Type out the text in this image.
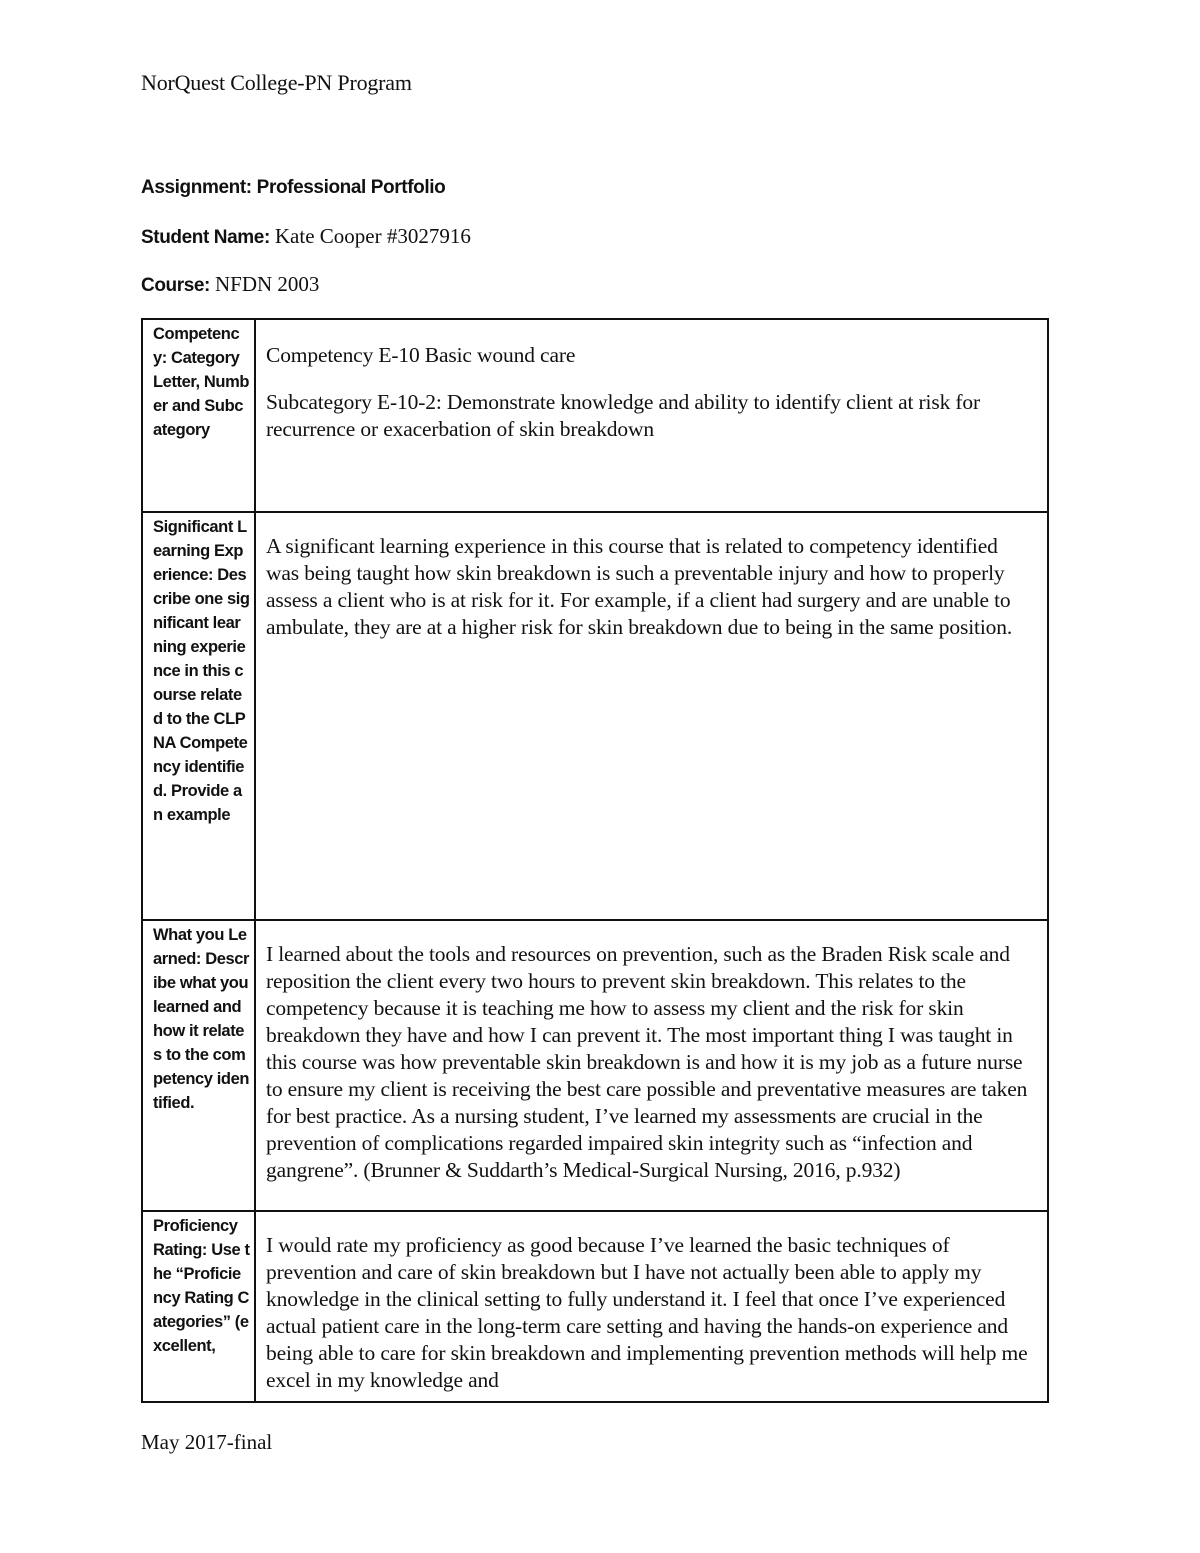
NorQuest College-PN Program
Assignment: Professional Portfolio
Student Name: Kate Cooper #3027916
Course: NFDN 2003
Competency: Category Letter, Number and Subcategory	Competency E-10 Basic wound care

Subcategory E-10-2: Demonstrate knowledge and ability to identify client at risk for recurrence or exacerbation of skin breakdown

Significant Learning Experience: Describe one significant learning experience in this course related to the CLPNA Competency identified. Provide an example	A significant learning experience in this course that is related to competency identified was being taught how skin breakdown is such a preventable injury and how to properly assess a client who is at risk for it. For example, if a client had surgery and are unable to ambulate, they are at a higher risk for skin breakdown due to being in the same position.

What you Learned: Describe what you learned and how it relates to the competency identified.	I learned about the tools and resources on prevention, such as the Braden Risk scale and reposition the client every two hours to prevent skin breakdown. This relates to the competency because it is teaching me how to assess my client and the risk for skin breakdown they have and how I can prevent it. The most important thing I was taught in this course was how preventable skin breakdown is and how it is my job as a future nurse to ensure my client is receiving the best care possible and preventative measures are taken for best practice. As a nursing student, I’ve learned my assessments are crucial in the prevention of complications regarded impaired skin integrity such as “infection and gangrene”. (Brunner & Suddarth’s Medical-Surgical Nursing, 2016, p.932)

Proficiency Rating: Use the “Proficiency Rating Categories” (excellent,	I would rate my proficiency as good because I’ve learned the basic techniques of prevention and care of skin breakdown but I have not actually been able to apply my knowledge in the clinical setting to fully understand it. I feel that once I’ve experienced actual patient care in the long-term care setting and having the hands-on experience and being able to care for skin breakdown and implementing prevention methods will help me excel in my knowledge and

May 2017-final
